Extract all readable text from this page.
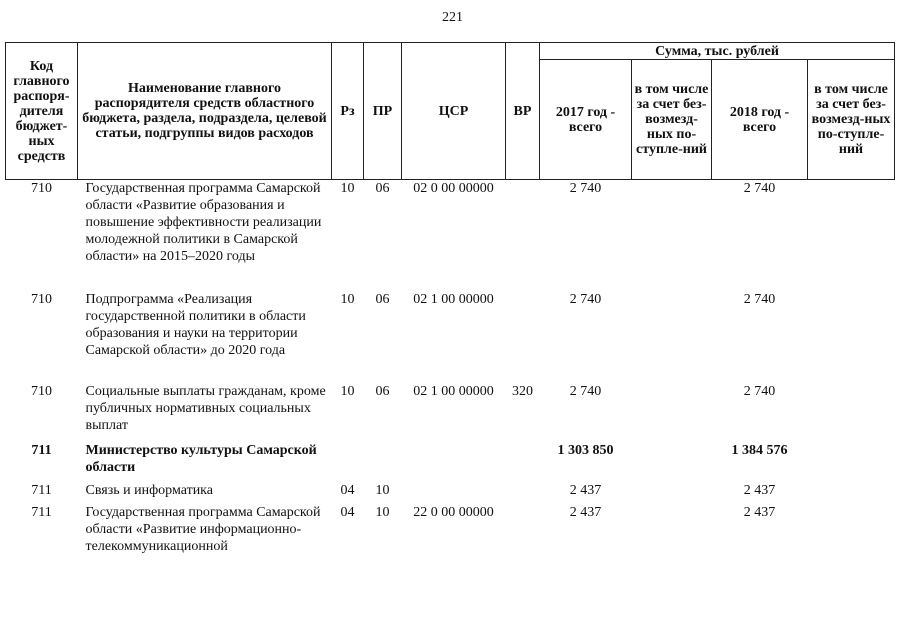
221
Код главного распоря-дителя бюджет-ных средств	Наименование главного распорядителя средств областного бюджета, раздела, подраздела, целевой статьи, подгруппы видов расходов	Рз	ПР	ЦСР	ВР	Сумма, тыс. рублей			
						2017 год - всего	в том числе за счет без-возмезд-ных по-ступле-ний	2018 год - всего	в том числе за счет без-возмезд-ных по-ступле-ний
710	Государственная программа Самарской области «Развитие образования и повышение эффективности реализации молодежной политики в Самарской области» на 2015–2020 годы	10	06	02 0 00 00000		2 740		2 740	
710	Подпрограмма «Реализация государственной политики в области образования и науки на территории Самарской области» до 2020 года	10	06	02 1 00 00000		2 740		2 740	
710	Социальные выплаты гражданам, кроме публичных нормативных социальных выплат	10	06	02 1 00 00000	320	2 740		2 740	
711	Министерство культуры Самарской области					1 303 850		1 384 576	
711	Связь и информатика	04	10			2 437		2 437	
711	Государственная программа Самарской области «Развитие информационно-телекоммуникационной	04	10	22 0 00 00000		2 437		2 437	
